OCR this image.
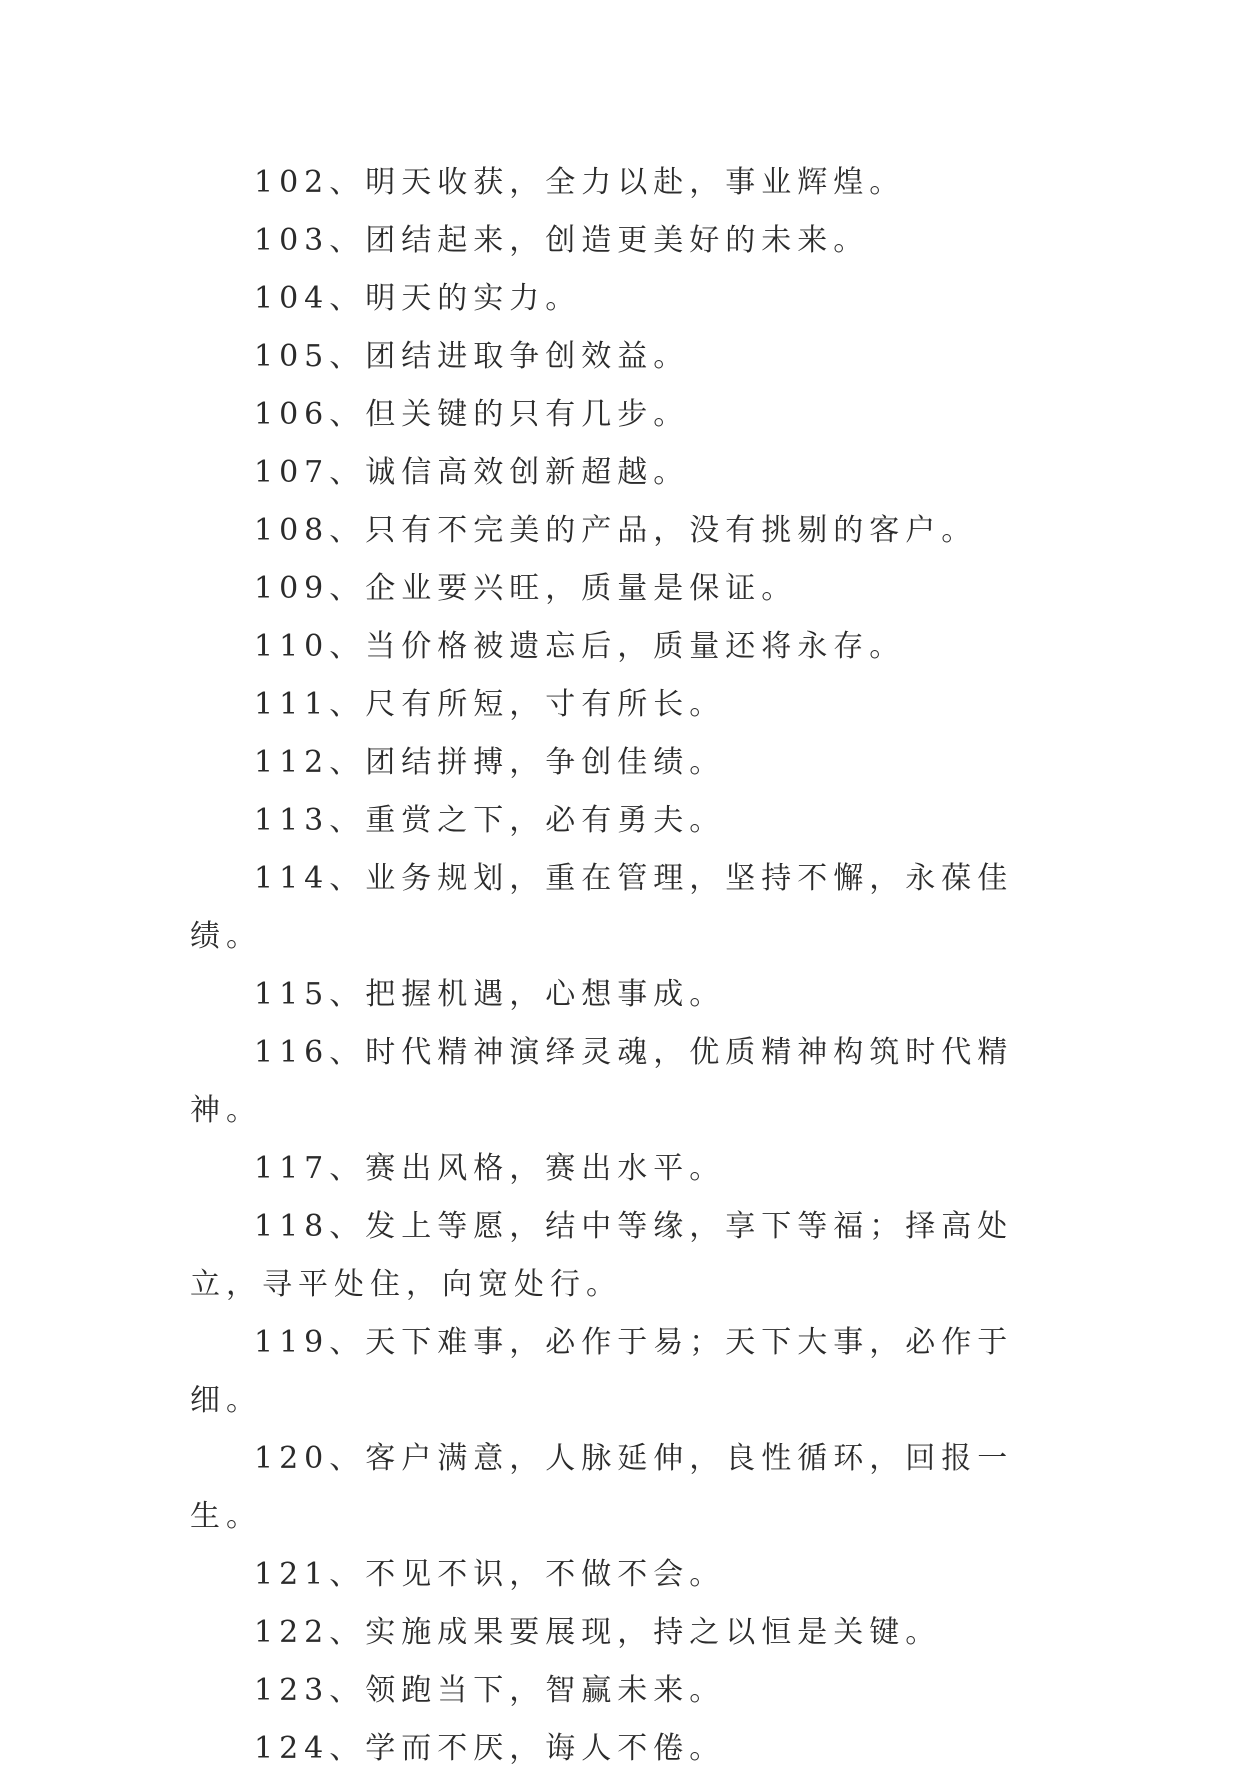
102、明天收获，全力以赴，事业辉煌。

103、团结起来，创造更美好的未来。

104、明天的实力。

105、团结进取争创效益。

106、但关键的只有几步。

107、诚信高效创新超越。

108、只有不完美的产品，没有挑剔的客户。

109、企业要兴旺，质量是保证。

110、当价格被遗忘后，质量还将永存。

111、尺有所短，寸有所长。

112、团结拼搏，争创佳绩。

113、重赏之下，必有勇夫。

114、业务规划，重在管理，坚持不懈，永葆佳绩。

115、把握机遇，心想事成。

116、时代精神演绎灵魂，优质精神构筑时代精神。

117、赛出风格，赛出水平。

118、发上等愿，结中等缘，享下等福；择高处立，寻平处住，向宽处行。

119、天下难事，必作于易；天下大事，必作于细。

120、客户满意，人脉延伸，良性循环，回报一生。

121、不见不识，不做不会。

122、实施成果要展现，持之以恒是关键。

123、领跑当下，智赢未来。

124、学而不厌，诲人不倦。
